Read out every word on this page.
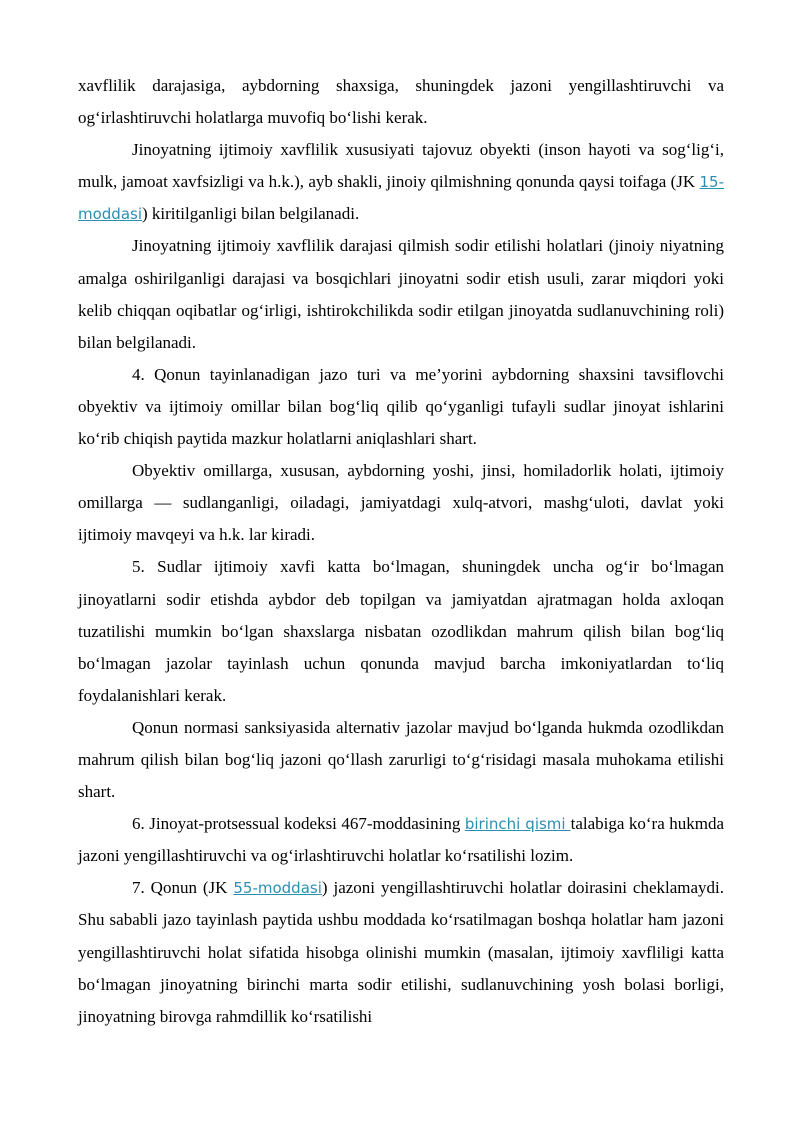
xavflilik darajasiga, aybdorning shaxsiga, shuningdek jazoni yengillashtiruvchi va og‘irlashtiruvchi holatlarga muvofiq bo‘lishi kerak.

Jinoyatning ijtimoiy xavflilik xususiyati tajovuz obyekti (inson hayoti va sog‘lig‘i, mulk, jamoat xavfsizligi va h.k.), ayb shakli, jinoiy qilmishning qonunda qaysi toifaga (JK 15-moddasi) kiritilganligi bilan belgilanadi.

Jinoyatning ijtimoiy xavflilik darajasi qilmish sodir etilishi holatlari (jinoiy niyatning amalga oshirilganligi darajasi va bosqichlari jinoyatni sodir etish usuli, zarar miqdori yoki kelib chiqqan oqibatlar og‘irligi, ishtirokchilikda sodir etilgan jinoyatda sudlanuvchining roli) bilan belgilanadi.

4. Qonun tayinlanadigan jazo turi va me’yorini aybdorning shaxsini tavsiflovchi obyektiv va ijtimoiy omillar bilan bog‘liq qilib qo‘yganligi tufayli sudlar jinoyat ishlarini ko‘rib chiqish paytida mazkur holatlarni aniqlashlari shart.

Obyektiv omillarga, xususan, aybdorning yoshi, jinsi, homiladorlik holati, ijtimoiy omillarga — sudlanganligi, oiladagi, jamiyatdagi xulq-atvori, mashg‘uloti, davlat yoki ijtimoiy mavqeyi va h.k. lar kiradi.

5. Sudlar ijtimoiy xavfi katta bo‘lmagan, shuningdek uncha og‘ir bo‘lmagan jinoyatlarni sodir etishda aybdor deb topilgan va jamiyatdan ajratmagan holda axloqan tuzatilishi mumkin bo‘lgan shaxslarga nisbatan ozodlikdan mahrum qilish bilan bog‘liq bo‘lmagan jazolar tayinlash uchun qonunda mavjud barcha imkoniyatlardan to‘liq foydalanishlari kerak.

Qonun normasi sanksiyasida alternativ jazolar mavjud bo‘lganda hukmda ozodlikdan mahrum qilish bilan bog‘liq jazoni qo‘llash zarurligi to‘g‘risidagi masala muhokama etilishi shart.

6. Jinoyat-protsessual kodeksi 467-moddasining birinchi qismi talabiga ko‘ra hukmda jazoni yengillashtiruvchi va og‘irlashtiruvchi holatlar ko‘rsatilishi lozim.

7. Qonun (JK 55-moddasi) jazoni yengillashtiruvchi holatlar doirasini cheklamaydi. Shu sababli jazo tayinlash paytida ushbu moddada ko‘rsatilmagan boshqa holatlar ham jazoni yengillashtiruvchi holat sifatida hisobga olinishi mumkin (masalan, ijtimoiy xavfliligi katta bo‘lmagan jinoyatning birinchi marta sodir etilishi, sudlanuvchining yosh bolasi borligi, jinoyatning birovga rahmdillik ko‘rsatilishi
